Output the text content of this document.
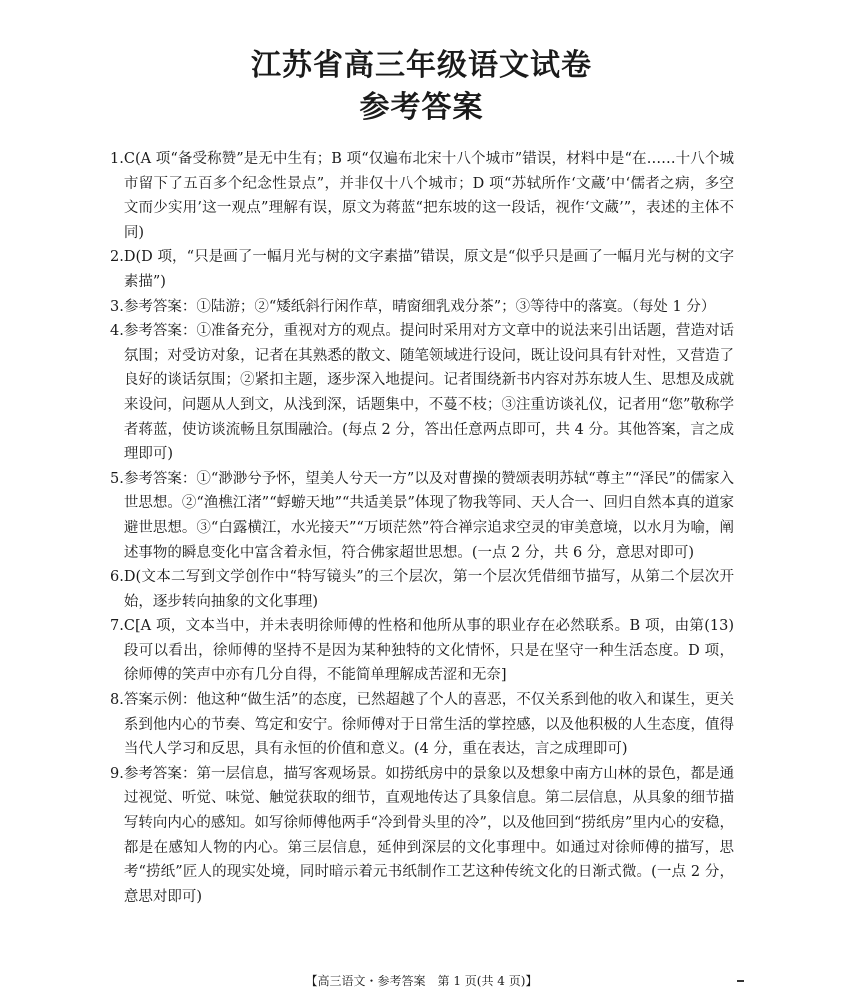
江苏省高三年级语文试卷
参考答案
1. C(A 项“备受称赞”是无中生有；B 项“仅遍布北宋十八个城市”错误，材料中是“在……十八个城市留下了五百多个纪念性景点”，并非仅十八个城市；D 项“苏轼所作‘文蔵’中‘儒者之病，多空文而少实用’这一观点”理解有误，原文为蒋蓝“把东坡的这一段话，视作‘文蔵’”，表述的主体不同)
2. D(D 项，“只是画了一幅月光与树的文字素描”错误，原文是“似乎只是画了一幅月光与树的文字素描”)
3. 参考答案：①陆游；②“矮纸斜行闲作草，晴窗细乳戏分茶”；③等待中的落寞。（每处 1 分）
4. 参考答案：①准备充分，重视对方的观点。提问时采用对方文章中的说法来引出话题，营造对话氛围；对受访对象，记者在其熟悉的散文、随笔领域进行设问，既让设问具有针对性，又营造了良好的谈话氛围；②紧扣主题，逐步深入地提问。记者围绕新书内容对苏东坡人生、思想及成就来设问，问题从人到文，从浅到深，话题集中，不蔓不枝；③注重访谈礼仪，记者用“您”敬称学者蒋蓝，使访谈流畅且氛围融洽。(每点 2 分，答出任意两点即可，共 4 分。其他答案，言之成理即可)
5. 参考答案：①“渺渺兮予怀，望美人兮天一方”以及对曹操的赞颂表明苏轼“尊主”“泽民”的儒家入世思想。②“渔樵江渚”“蜉蝣天地”“共适美景”体现了物我等同、天人合一、回归自然本真的道家避世思想。③“白露横江，水光接天”“万顷茫然”符合禅宗追求空灵的审美意境，以水月为喻，阐述事物的瞬息变化中富含着永恒，符合佛家超世思想。(一点 2 分，共 6 分，意思对即可)
6. D(文本二写到文学创作中“特写镜头”的三个层次，第一个层次凭借细节描写，从第二个层次开始，逐步转向抽象的文化事理)
7. C[A 项，文本当中，并未表明徐师傅的性格和他所从事的职业存在必然联系。B 项，由第(13)段可以看出，徐师傅的坚持不是因为某种独特的文化情怀，只是在坚守一种生活态度。D 项，徐师傅的笑声中亦有几分自得，不能简单理解成苦涩和无奈]
8. 答案示例：他这种“做生活”的态度，已然超越了个人的喜恶，不仅关系到他的收入和谋生，更关系到他内心的节奏、笃定和安宁。徐师傅对于日常生活的掌控感，以及他积极的人生态度，值得当代人学习和反思，具有永恒的价值和意义。(4 分，重在表达，言之成理即可)
9. 参考答案：第一层信息，描写客观场景。如捞纸房中的景象以及想象中南方山林的景色，都是通过视觉、听觉、味觉、触觉获取的细节，直观地传达了具象信息。第二层信息，从具象的细节描写转向内心的感知。如写徐师傅他两手“冷到骨头里的冷”，以及他回到“捞纸房”里内心的安稳，都是在感知人物的内心。第三层信息，延伸到深层的文化事理中。如通过对徐师傅的描写，思考“捞纸”匠人的现实处境，同时暗示着元书纸制作工艺这种传统文化的日渐式微。(一点 2 分，意思对即可)
【高三语文・参考答案　第 1 页(共 4 页)】
